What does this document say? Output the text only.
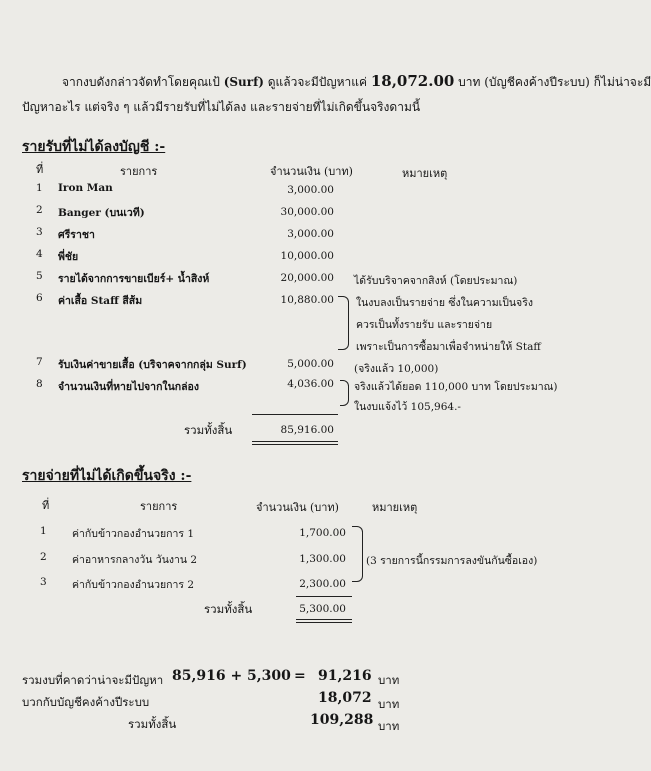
จากงบดังกล่าวจัดทำโดยคุณเป้ (Surf) ดูแล้วจะมีปัญหาแค่ 18,072.00 บาท (บัญชีคงค้างปีระบบ) ก็ไม่น่าจะมี
ปัญหาอะไร แต่จริง ๆ แล้วมีรายรับที่ไม่ได้ลง และรายจ่ายที่ไม่เกิดขึ้นจริงดามนี้
รายรับที่ไม่ได้ลงบัญชี :-
ที่	รายการ	จำนวนเงิน (บาท)	หมายเหตุ
1 Iron Man	3,000.00
2 Banger (บนเวที)	30,000.00
3 ศรีราชา	3,000.00
4 พี่ชัย	10,000.00
5 รายได้จากการขายเบียร์+ น้ำสิงห์	20,000.00 ได้รับบริจาคจากสิงห์ (โดยประมาณ)
6 ค่าเสื้อ Staff สีส้ม	10,880.00 ในงบลงเป็นรายจ่าย ซึ่งในความเป็นจริง
ควรเป็นทั้งรายรับ และรายจ่าย
เพราะเป็นการซื้อมาเพื่อจำหน่ายให้ Staff
7 รับเงินค่าขายเสื้อ (บริจาคจากกลุ่ม Surf)	5,000.00 (จริงแล้ว 10,000)
8 จำนวนเงินที่หายไปจากในกล่อง	4,036.00 จริงแล้วได้ยอด 110,000 บาท โดยประมาณ)
ในงบแจ้งไว้ 105,964.-
รวมทั้งสิ้น	85,916.00
รายจ่ายที่ไม่ได้เกิดขึ้นจริง :-
ที่	รายการ	จำนวนเงิน (บาท)	หมายเหตุ
1 ค่ากับข้าวกองอำนวยการ 1	1,700.00
2 ค่าอาหารกลางวัน วันงาน 2	1,300.00
3 ค่ากับข้าวกองอำนวยการ 2	2,300.00
(3 รายการนี้กรรมการลงขันกันซื้อเอง)
รวมทั้งสิ้น	5,300.00
รวมงบที่คาดว่าน่าจะมีปัญหา 85,916 + 5,300 = 91,216 บาท
บวกกับบัญชีคงค้างปีระบบ	18,072 บาท
รวมทั้งสิ้น	109,288 บาท
